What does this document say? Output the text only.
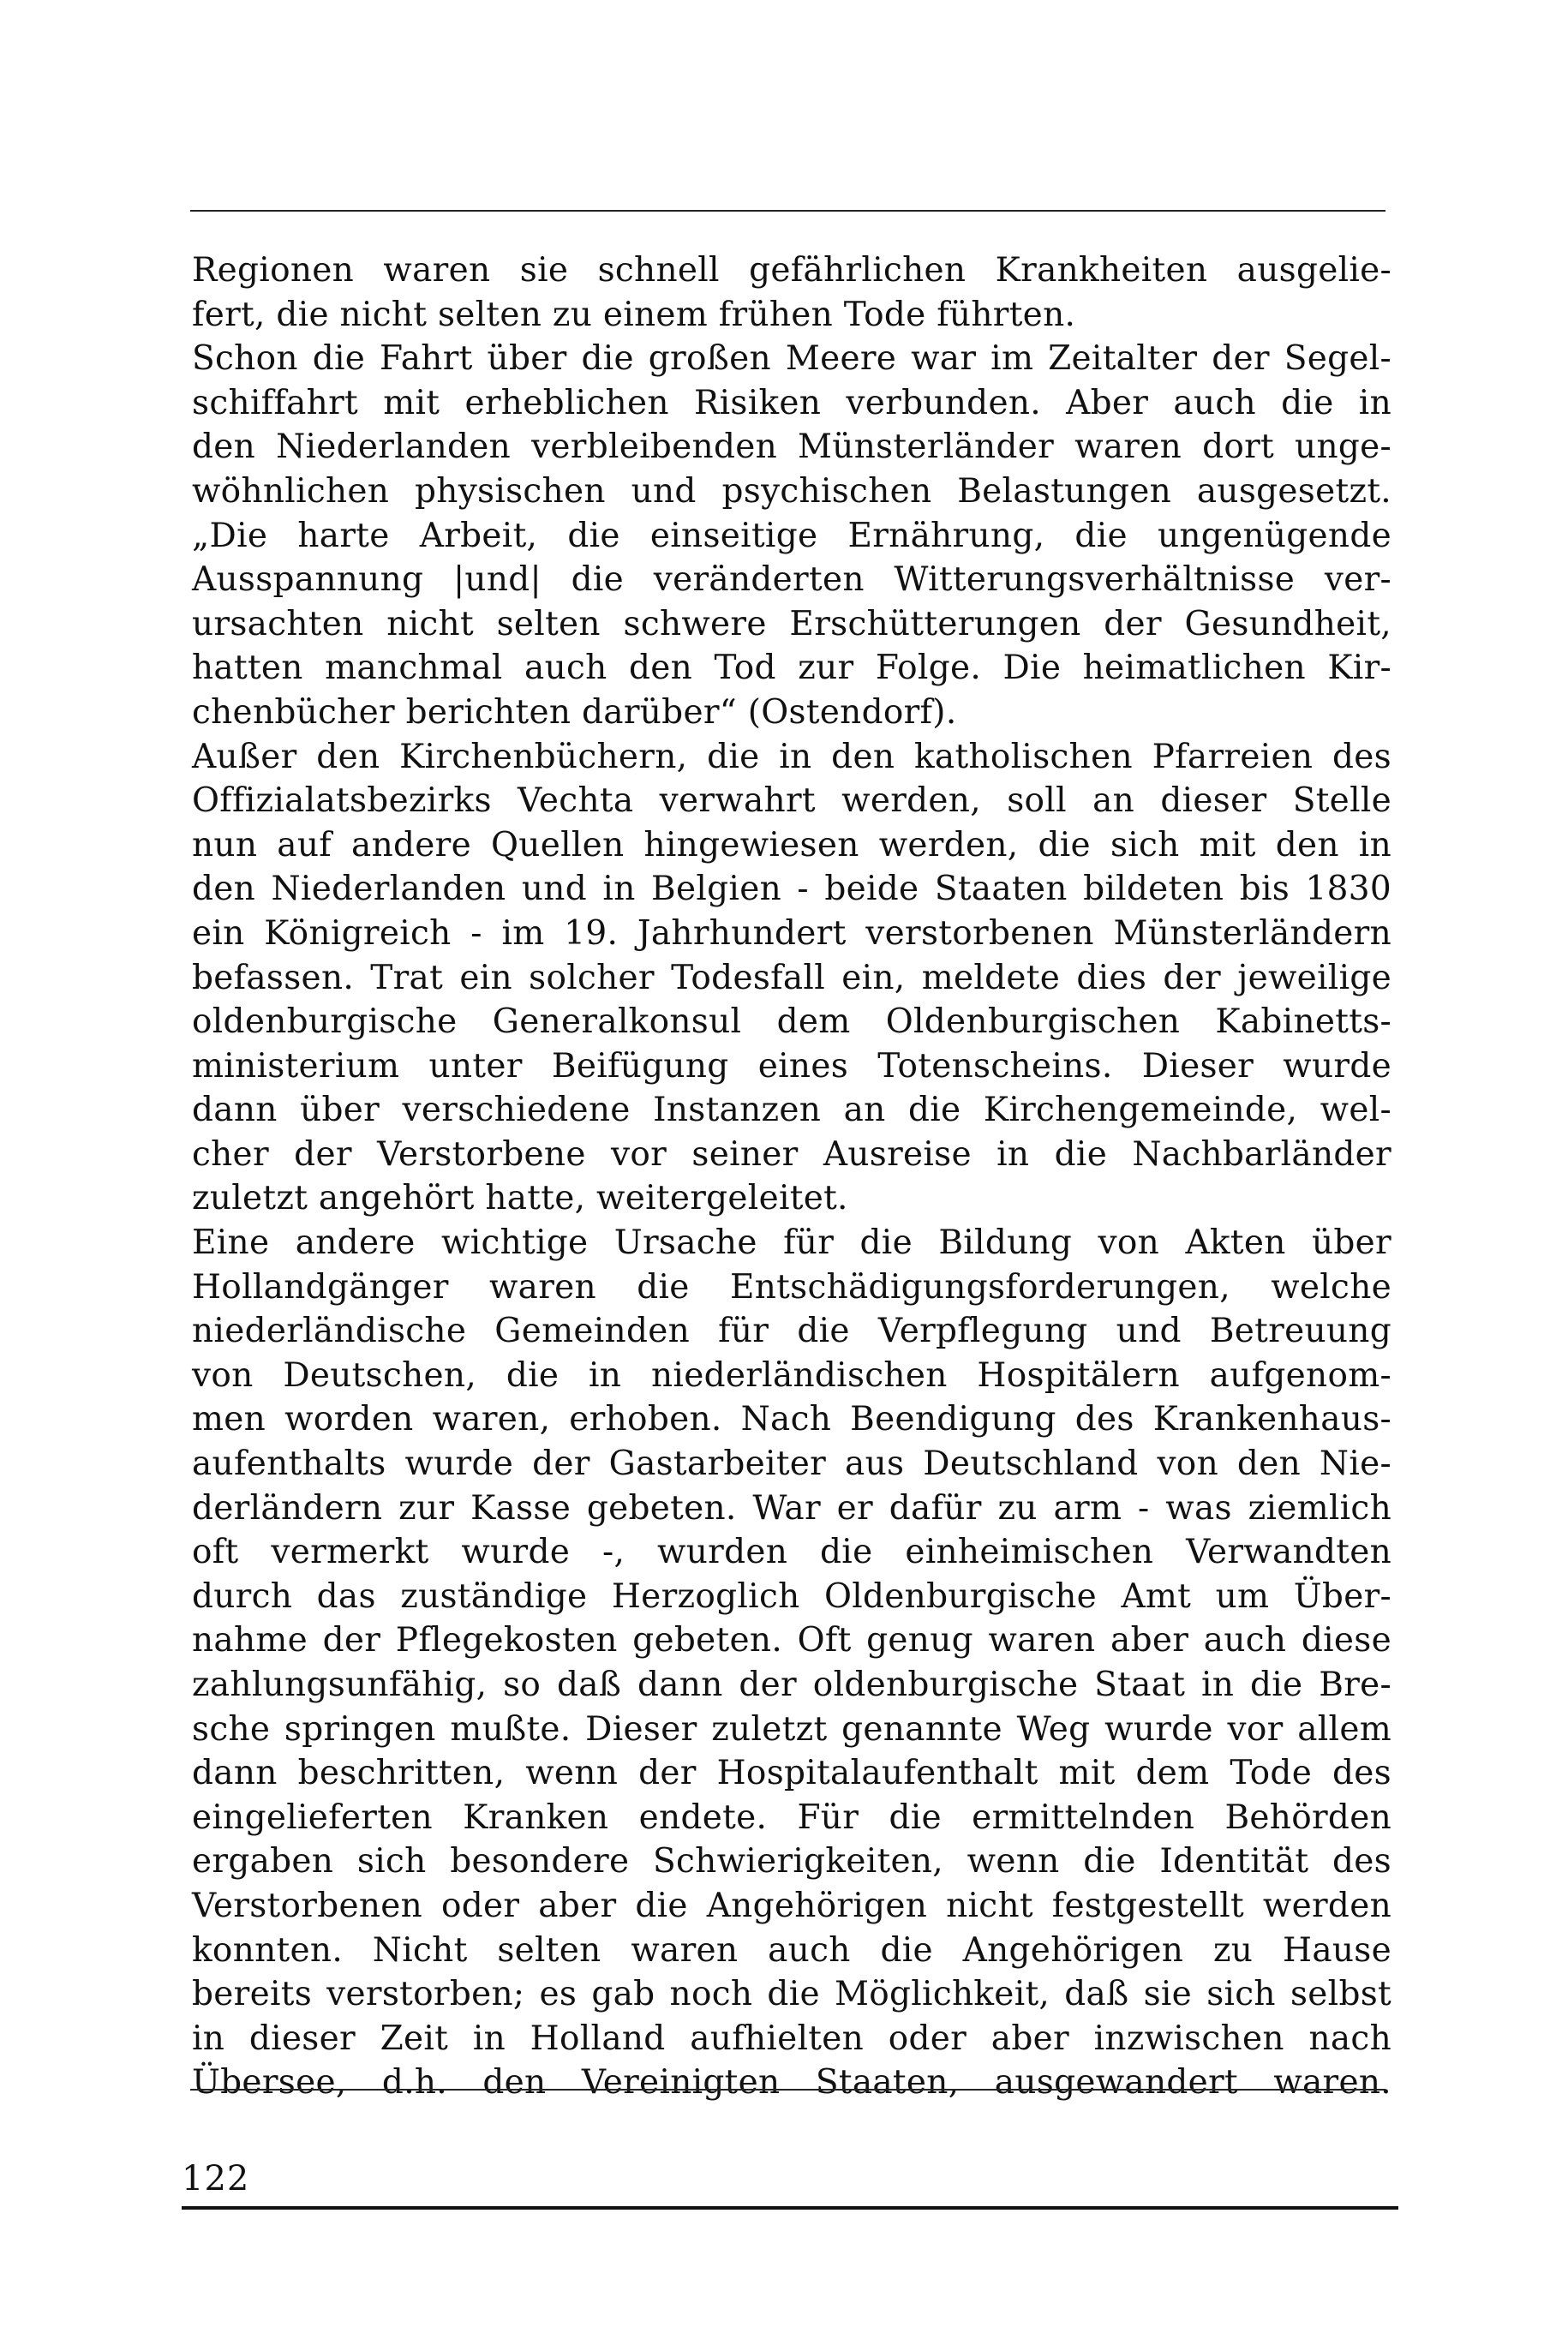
Regionen waren sie schnell gefährlichen Krankheiten ausgelie-
fert, die nicht selten zu einem frühen Tode führten.
Schon die Fahrt über die großen Meere war im Zeitalter der Segel-
schiffahrt mit erheblichen Risiken verbunden. Aber auch die in
den Niederlanden verbleibenden Münsterländer waren dort unge-
wöhnlichen physischen und psychischen Belastungen ausgesetzt.
„Die harte Arbeit, die einseitige Ernährung, die ungenügende
Ausspannung |und| die veränderten Witterungsverhältnisse ver-
ursachten nicht selten schwere Erschütterungen der Gesundheit,
hatten manchmal auch den Tod zur Folge. Die heimatlichen Kir-
chenbücher berichten darüber“ (Ostendorf).
Außer den Kirchenbüchern, die in den katholischen Pfarreien des
Offizialatsbezirks Vechta verwahrt werden, soll an dieser Stelle
nun auf andere Quellen hingewiesen werden, die sich mit den in
den Niederlanden und in Belgien - beide Staaten bildeten bis 1830
ein Königreich - im 19. Jahrhundert verstorbenen Münsterländern
befassen. Trat ein solcher Todesfall ein, meldete dies der jeweilige
oldenburgische Generalkonsul dem Oldenburgischen Kabinetts-
ministerium unter Beifügung eines Totenscheins. Dieser wurde
dann über verschiedene Instanzen an die Kirchengemeinde, wel-
cher der Verstorbene vor seiner Ausreise in die Nachbarländer
zuletzt angehört hatte, weitergeleitet.
Eine andere wichtige Ursache für die Bildung von Akten über
Hollandgänger waren die Entschädigungsforderungen, welche
niederländische Gemeinden für die Verpflegung und Betreuung
von Deutschen, die in niederländischen Hospitälern aufgenom-
men worden waren, erhoben. Nach Beendigung des Krankenhaus-
aufenthalts wurde der Gastarbeiter aus Deutschland von den Nie-
derländern zur Kasse gebeten. War er dafür zu arm - was ziemlich
oft vermerkt wurde -, wurden die einheimischen Verwandten
durch das zuständige Herzoglich Oldenburgische Amt um Über-
nahme der Pflegekosten gebeten. Oft genug waren aber auch diese
zahlungsunfähig, so daß dann der oldenburgische Staat in die Bre-
sche springen mußte. Dieser zuletzt genannte Weg wurde vor allem
dann beschritten, wenn der Hospitalaufenthalt mit dem Tode des
eingelieferten Kranken endete. Für die ermittelnden Behörden
ergaben sich besondere Schwierigkeiten, wenn die Identität des
Verstorbenen oder aber die Angehörigen nicht festgestellt werden
konnten. Nicht selten waren auch die Angehörigen zu Hause
bereits verstorben; es gab noch die Möglichkeit, daß sie sich selbst
in dieser Zeit in Holland aufhielten oder aber inzwischen nach
Übersee, d.h. den Vereinigten Staaten, ausgewandert waren.
122
